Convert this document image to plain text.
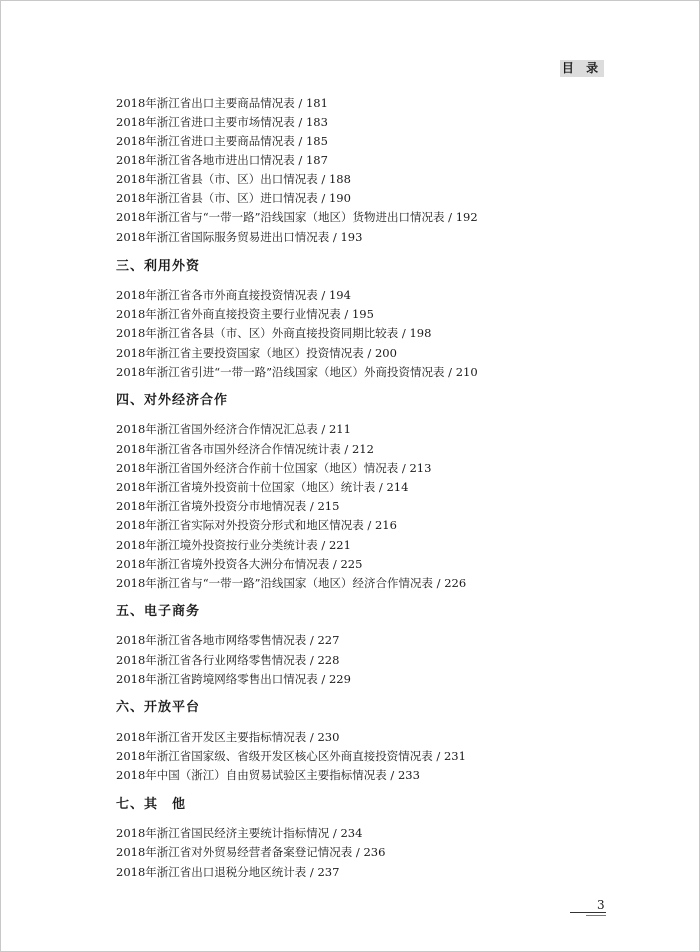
目 录
2018年浙江省出口主要商品情况表 / 181
2018年浙江省进口主要市场情况表 / 183
2018年浙江省进口主要商品情况表 / 185
2018年浙江省各地市进出口情况表 / 187
2018年浙江省县（市、区）出口情况表 / 188
2018年浙江省县（市、区）进口情况表 / 190
2018年浙江省与“一带一路”沿线国家（地区）货物进出口情况表 / 192
2018年浙江省国际服务贸易进出口情况表 / 193
三、利用外资
2018年浙江省各市外商直接投资情况表 / 194
2018年浙江省外商直接投资主要行业情况表 / 195
2018年浙江省各县（市、区）外商直接投资同期比较表 / 198
2018年浙江省主要投资国家（地区）投资情况表 / 200
2018年浙江省引进“一带一路”沿线国家（地区）外商投资情况表 / 210
四、对外经济合作
2018年浙江省国外经济合作情况汇总表 / 211
2018年浙江省各市国外经济合作情况统计表 / 212
2018年浙江省国外经济合作前十位国家（地区）情况表 / 213
2018年浙江省境外投资前十位国家（地区）统计表 / 214
2018年浙江省境外投资分市地情况表 / 215
2018年浙江省实际对外投资分形式和地区情况表 / 216
2018年浙江境外投资按行业分类统计表 / 221
2018年浙江省境外投资各大洲分布情况表 / 225
2018年浙江省与“一带一路”沿线国家（地区）经济合作情况表 / 226
五、电子商务
2018年浙江省各地市网络零售情况表 / 227
2018年浙江省各行业网络零售情况表 / 228
2018年浙江省跨境网络零售出口情况表 / 229
六、开放平台
2018年浙江省开发区主要指标情况表 / 230
2018年浙江省国家级、省级开发区核心区外商直接投资情况表 / 231
2018年中国（浙江）自由贸易试验区主要指标情况表 / 233
七、其　他
2018年浙江省国民经济主要统计指标情况 / 234
2018年浙江省对外贸易经营者备案登记情况表 / 236
2018年浙江省出口退税分地区统计表 / 237
3
